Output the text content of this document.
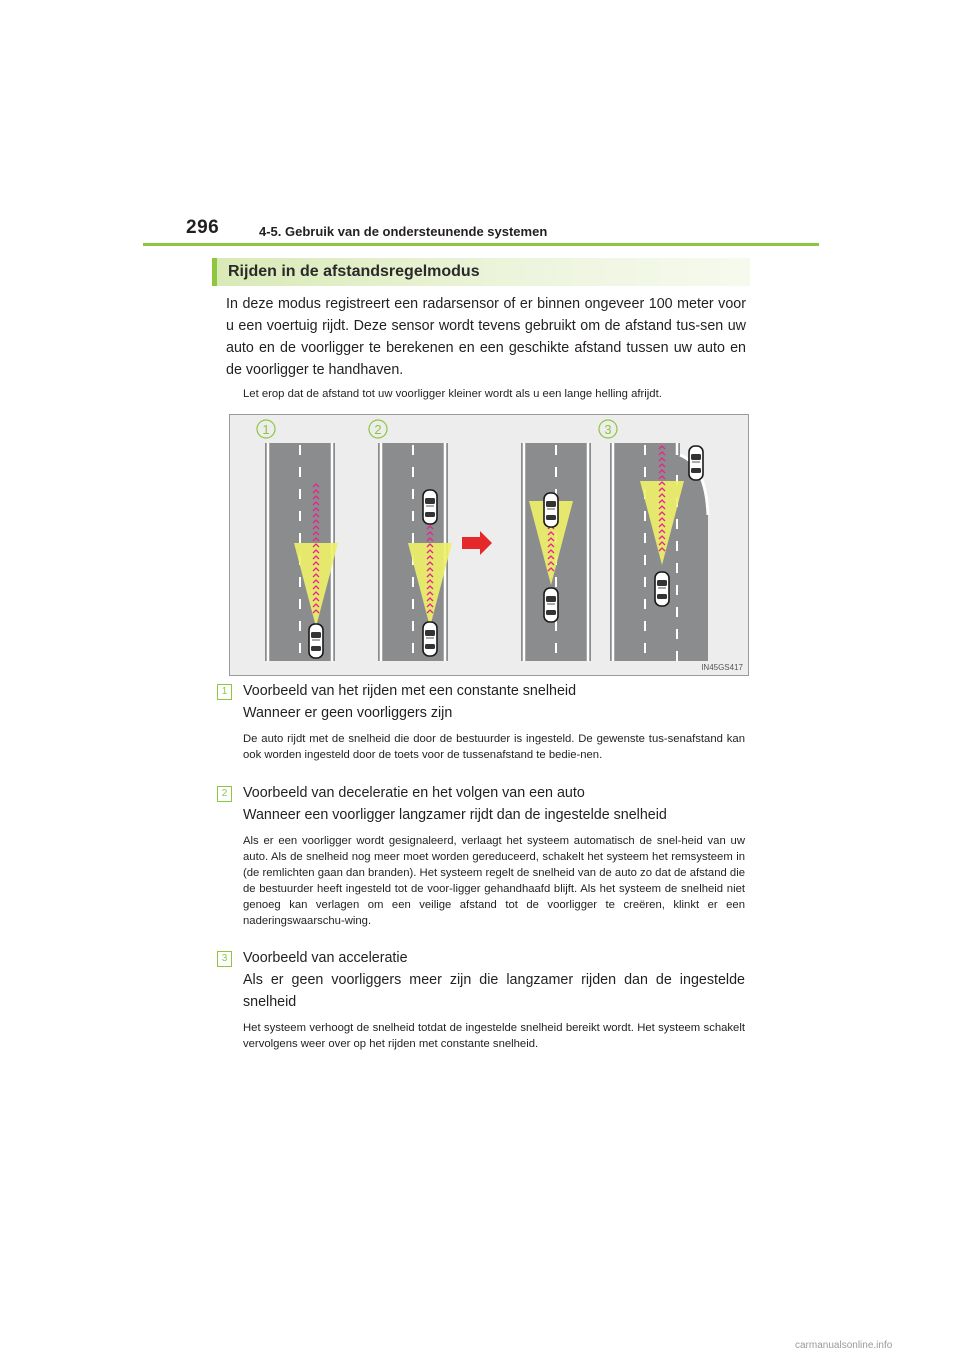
296	4-5. Gebruik van de ondersteunende systemen
Rijden in de afstandsregelmodus
In deze modus registreert een radarsensor of er binnen ongeveer 100 meter voor u een voertuig rijdt. Deze sensor wordt tevens gebruikt om de afstand tus-sen uw auto en de voorligger te berekenen en een geschikte afstand tussen uw auto en de voorligger te handhaven.
Let erop dat de afstand tot uw voorligger kleiner wordt als u een lange helling afrijdt.
1	2	3
IN45GS417
1	Voorbeeld van het rijden met een constante snelheid
Wanneer er geen voorliggers zijn
De auto rijdt met de snelheid die door de bestuurder is ingesteld. De gewenste tus-senafstand kan ook worden ingesteld door de toets voor de tussenafstand te bedie-nen.
2	Voorbeeld van deceleratie en het volgen van een auto
Wanneer een voorligger langzamer rijdt dan de ingestelde snelheid
Als er een voorligger wordt gesignaleerd, verlaagt het systeem automatisch de snel-heid van uw auto. Als de snelheid nog meer moet worden gereduceerd, schakelt het systeem het remsysteem in (de remlichten gaan dan branden). Het systeem regelt de snelheid van de auto zo dat de afstand die de bestuurder heeft ingesteld tot de voor-ligger gehandhaafd blijft. Als het systeem de snelheid niet genoeg kan verlagen om een veilige afstand tot de voorligger te creëren, klinkt er een naderingswaarschu-wing.
3	Voorbeeld van acceleratie
Als er geen voorliggers meer zijn die langzamer rijden dan de ingestelde snelheid
Het systeem verhoogt de snelheid totdat de ingestelde snelheid bereikt wordt. Het systeem schakelt vervolgens weer over op het rijden met constante snelheid.
carmanualsonline.info
